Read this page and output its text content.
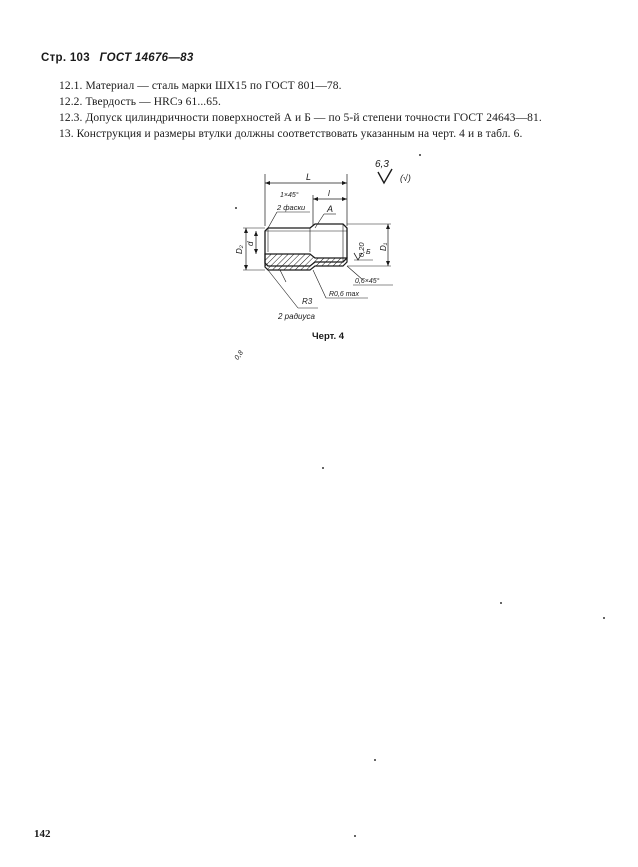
Стр. 103 ГОСТ 14676—83
12.1. Материал — сталь марки ШХ15 по ГОСТ 801—78.
12.2. Твердость — HRCэ 61...65.
12.3. Допуск цилиндричности поверхностей А и Б — по 5-й степени точности ГОСТ 24643—81.
13. Конструкция и размеры втулки должны соответствовать указанным на черт. 4 и в табл. 6.
6,3
(√)
L
1×45°	l
2 фаски А
D₂
d	D₁
0,20 Б
0,6×45°
0,8
R3
R0,6 max
2 радиуса
Черт. 4
142
